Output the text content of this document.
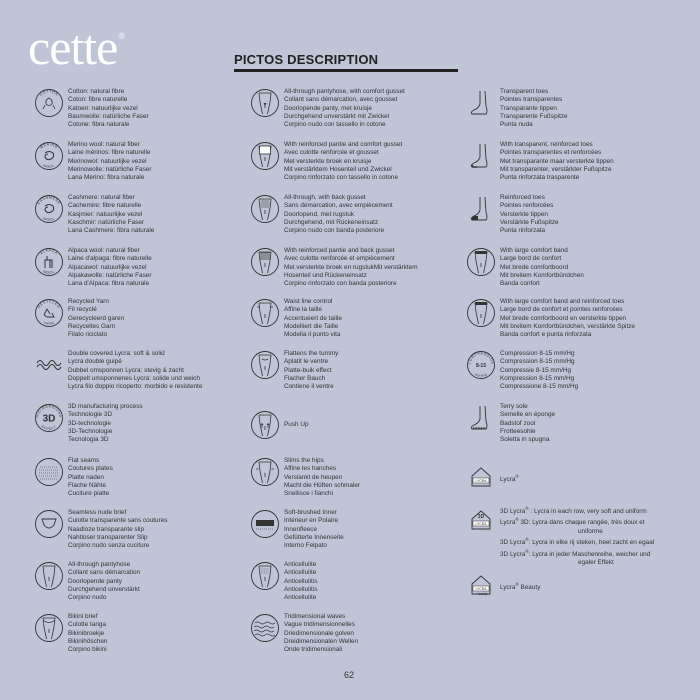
cette®
PICTOS DESCRIPTION
COTTON Cotton: natural fibre
Coton: fibre naturelle
Katoen: natuurlijke vezel
Baumwolle: natürliche Faser
Cotone: fibra naturale
MERINO
WOOL
Merino wool: natural fiber
Laine mérinos: fibre naturelle
Merinowol: natuurlijke vezel
Merinowolle: natürliche Faser
Lana Merino: fibra naturale
CASHMERE
WOOL
Cashmere: natural fiber
Cachemire: fibre naturelle
Kasjmier: natuurlijke vezel
Kaschmir: natürliche Faser
Lana Cashmere: fibra naturale
ALPACA
WOOL
Alpaca wool: natural fiber
Laine d'alpaga: fibre naturelle
Alpacawol: natuurlijke vezel
Alpakawolle: natürliche Faser
Lana d'Alpaca: fibra naturale
RECYCLED
YARN
Recycled Yarn
Fil recyclé
Gerecycleerd garen
Recyceltes Garn
Filato riciclato
Double covered Lycra: soft & solid
Lycra double guipé
Dubbel omsponnen Lycra: stevig & zacht
Doppelt umsponnenes Lycra: solide und weich
Lycra filo doppio ricoperto: morbido e resistente
RIDIMENSIONA
EFFECT
3D
3D manufacturing process
Technologie 3D
3D-technologie
3D-Technologie
Tecnologia 3D
Flat seams
Coutures plates
Platte naden
Flache Nähte
Cuciture piatte
Seamless nude brief
Culotte transparente sans coutures
Naadloze transparante slip
Nahtloser transparenter Slip
Corpino nudo senza cuciture
All-through pantyhose
Collant sans démarcation
Doorlopende panty
Durchgehend unverstärkt
Corpino nudo
Bikini brief
Culotte tanga
Bikinibroekje
Bikinihöschen
Corpino bikini
All-through pantyhose, with comfort gusset
Collant sans démarcation, avec gousset
Doorlopende panty, met kruisje
Durchgehend unverstärkt mit Zwickel
Corpino nudo con tassello in cotone
With reinforced pantie and comfort gusset
Avec culotte renforcée et gousset
Met versterkte broek en kruisje
Mit verstärktem Hosenteil und Zwickel
Corpino rinforzato con tassello in cotone
All-through, with back gusset
Sans démarcation, avec empiècement
Doorlopend, met rugstuk
Durchgehend, mit Rückeneinsatz
Corpino nudo con banda posteriore
With reinforced pantie and back gusset
Avec culotte renforcée et empiècement
Met versterkte broek en rugstukMit verstärktem
Hosenteil und Rückeneinsatz
Corpino rinforzato con banda posteriore
Waist line control
Affine la taille
Accentueert de taille
Modelliert die Taille
Modella il punto vita
Flattens the tummy
Aplatit le ventre
Platte-buik effect
Flacher Bauch
Contiene il ventre
Push Up
Slims the hips
Affine les hanches
Verslankt de heupen
Macht die Hüften schmaler
Snellisce i fianchi
Soft-brushed Inner
Intérieur en Polaire
Innenfleece
Gefütterte Innenseite
Interno Felpato
Anticellulite
Anticellulite
Anticellulitis
Anticellulitis
Anticellulite
Tridimensional waves
Vague tridimensionnelles
Driedimensionale golven
Dreidimensionalen Wellen
Onde tridimensionali
Transparent toes
Pointes transparentes
Transparante tippen
Transparente Fußspitze
Punta nuda
With transparent, reinforced toes
Pointes transparentes et renforcées
Met transparante maar versterkte tippen
Mit transparenter, verstärkter Fußspitze
Punta rinforzata trasparente
Reinforced toes
Pointes renforcées
Versterkte tippen
Verstärkte Fußspitze
Punta rinforzata
With large comfort band
Large bord de confort
Met brede comfortboord
Mit breitem Komfortbündchen
Banda confort
With large comfort band and reinforced toes
Large bord de confort et pointes renforcées
Met brede comfortboord en versterkte tippen
Mit breitem Komfortbündchen, verstärkte Spitze
Banda confort e punta rinforzata
COMPRESSION
mm/Hg
8-15
Compression 8-15 mm/Hg
Compression 8-15 mm/Hg
Compressie 8-15 mm/Hg
Kompression 8-15 mm/Hg
Compressione 8-15 mm/Hg
Terry sole
Semelle en éponge
Badstof zool
Frotteesohle
Soletta in spugna
LYCRA Lycra®
LYCRA
3D
3D Lycra® : Lycra in each row, very soft and uniform
Lycra® 3D: Lycra dans chaque rangée, très doux et
uniforme
3D Lycra®: Lycra in elke rij steken, heel zacht en egaal
3D Lycra®: Lycra in jeder Maschenreihe, weicher und
egaler Effekt
LYCRA
beauty
Lycra® Beauty
62
